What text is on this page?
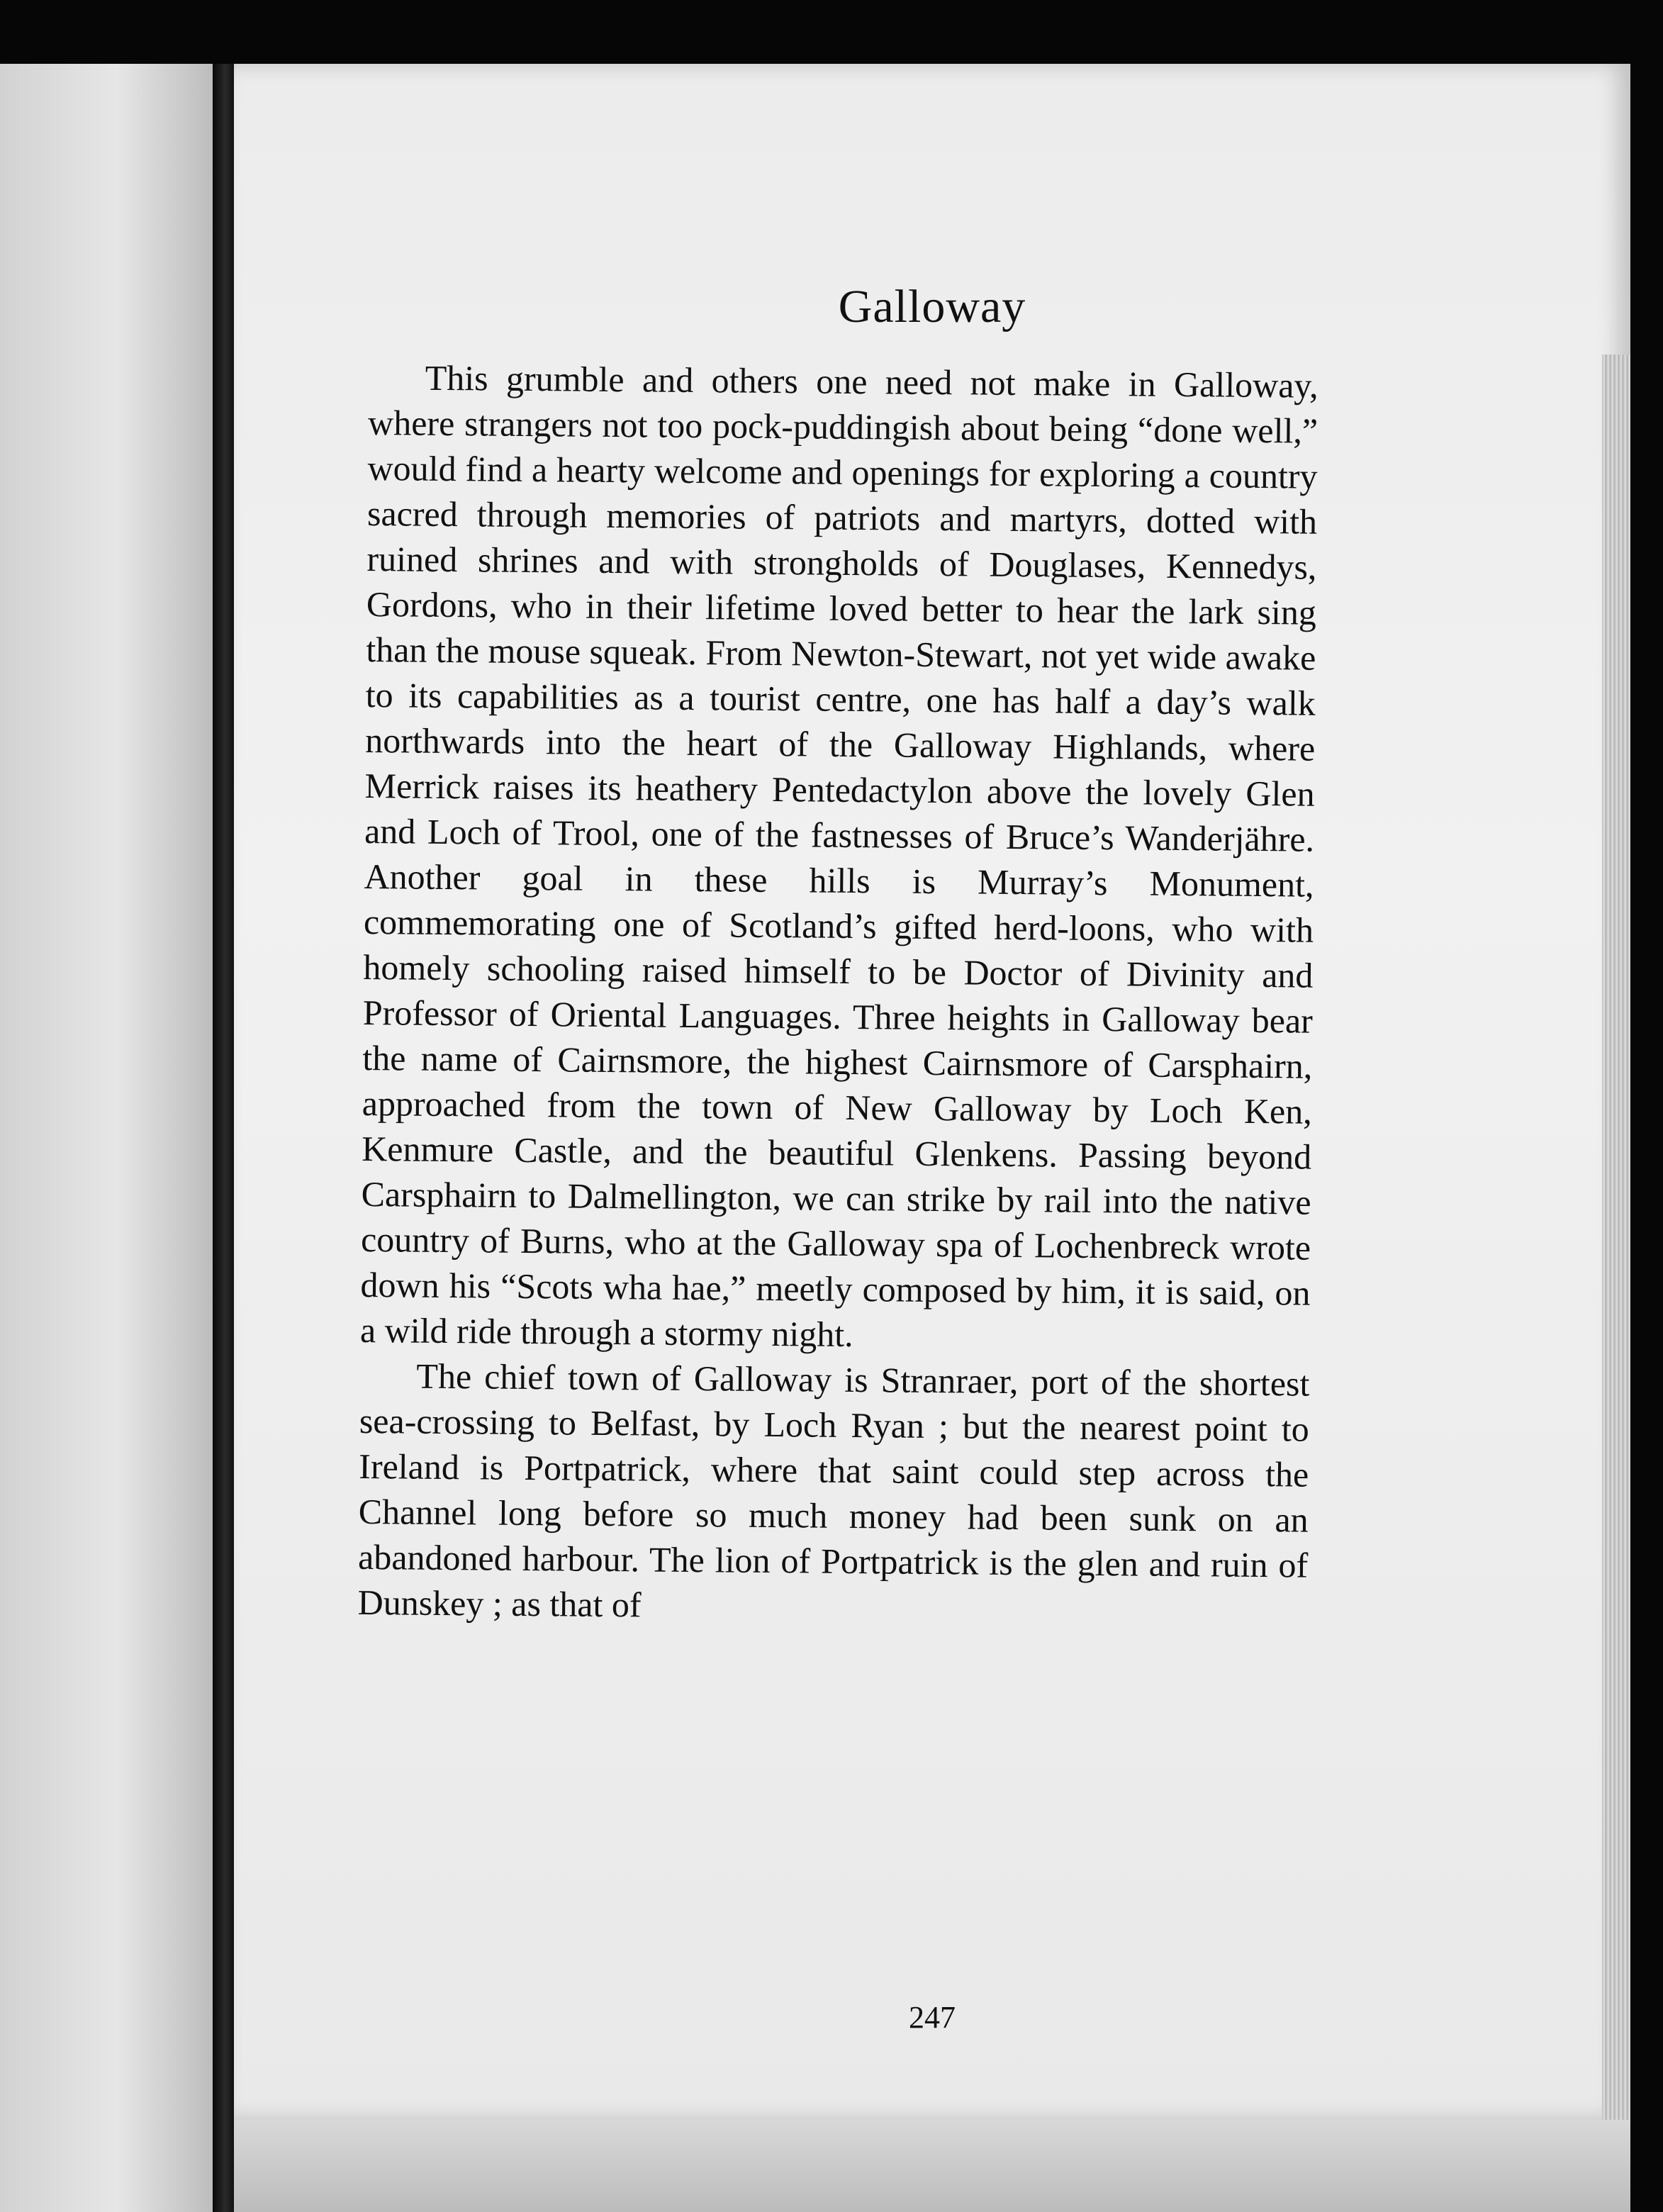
Galloway

This grumble and others one need not make in Galloway, where strangers not too pock-puddingish about being “done well,” would find a hearty welcome and openings for exploring a country sacred through memories of patriots and martyrs, dotted with ruined shrines and with strongholds of Douglases, Kennedys, Gordons, who in their lifetime loved better to hear the lark sing than the mouse squeak. From Newton-Stewart, not yet wide awake to its capabilities as a tourist centre, one has half a day’s walk northwards into the heart of the Galloway Highlands, where Merrick raises its heathery Pentedactylon above the lovely Glen and Loch of Trool, one of the fastnesses of Bruce’s Wanderjähre. Another goal in these hills is Murray’s Monument, commemorating one of Scotland’s gifted herd-loons, who with homely schooling raised himself to be Doctor of Divinity and Professor of Oriental Languages. Three heights in Galloway bear the name of Cairnsmore, the highest Cairnsmore of Carsphairn, approached from the town of New Galloway by Loch Ken, Kenmure Castle, and the beautiful Glenkens. Passing beyond Carsphairn to Dalmellington, we can strike by rail into the native country of Burns, who at the Galloway spa of Lochenbreck wrote down his “Scots wha hae,” meetly composed by him, it is said, on a wild ride through a stormy night.

The chief town of Galloway is Stranraer, port of the shortest sea-crossing to Belfast, by Loch Ryan ; but the nearest point to Ireland is Portpatrick, where that saint could step across the Channel long before so much money had been sunk on an abandoned harbour. The lion of Portpatrick is the glen and ruin of Dunskey ; as that of

247
